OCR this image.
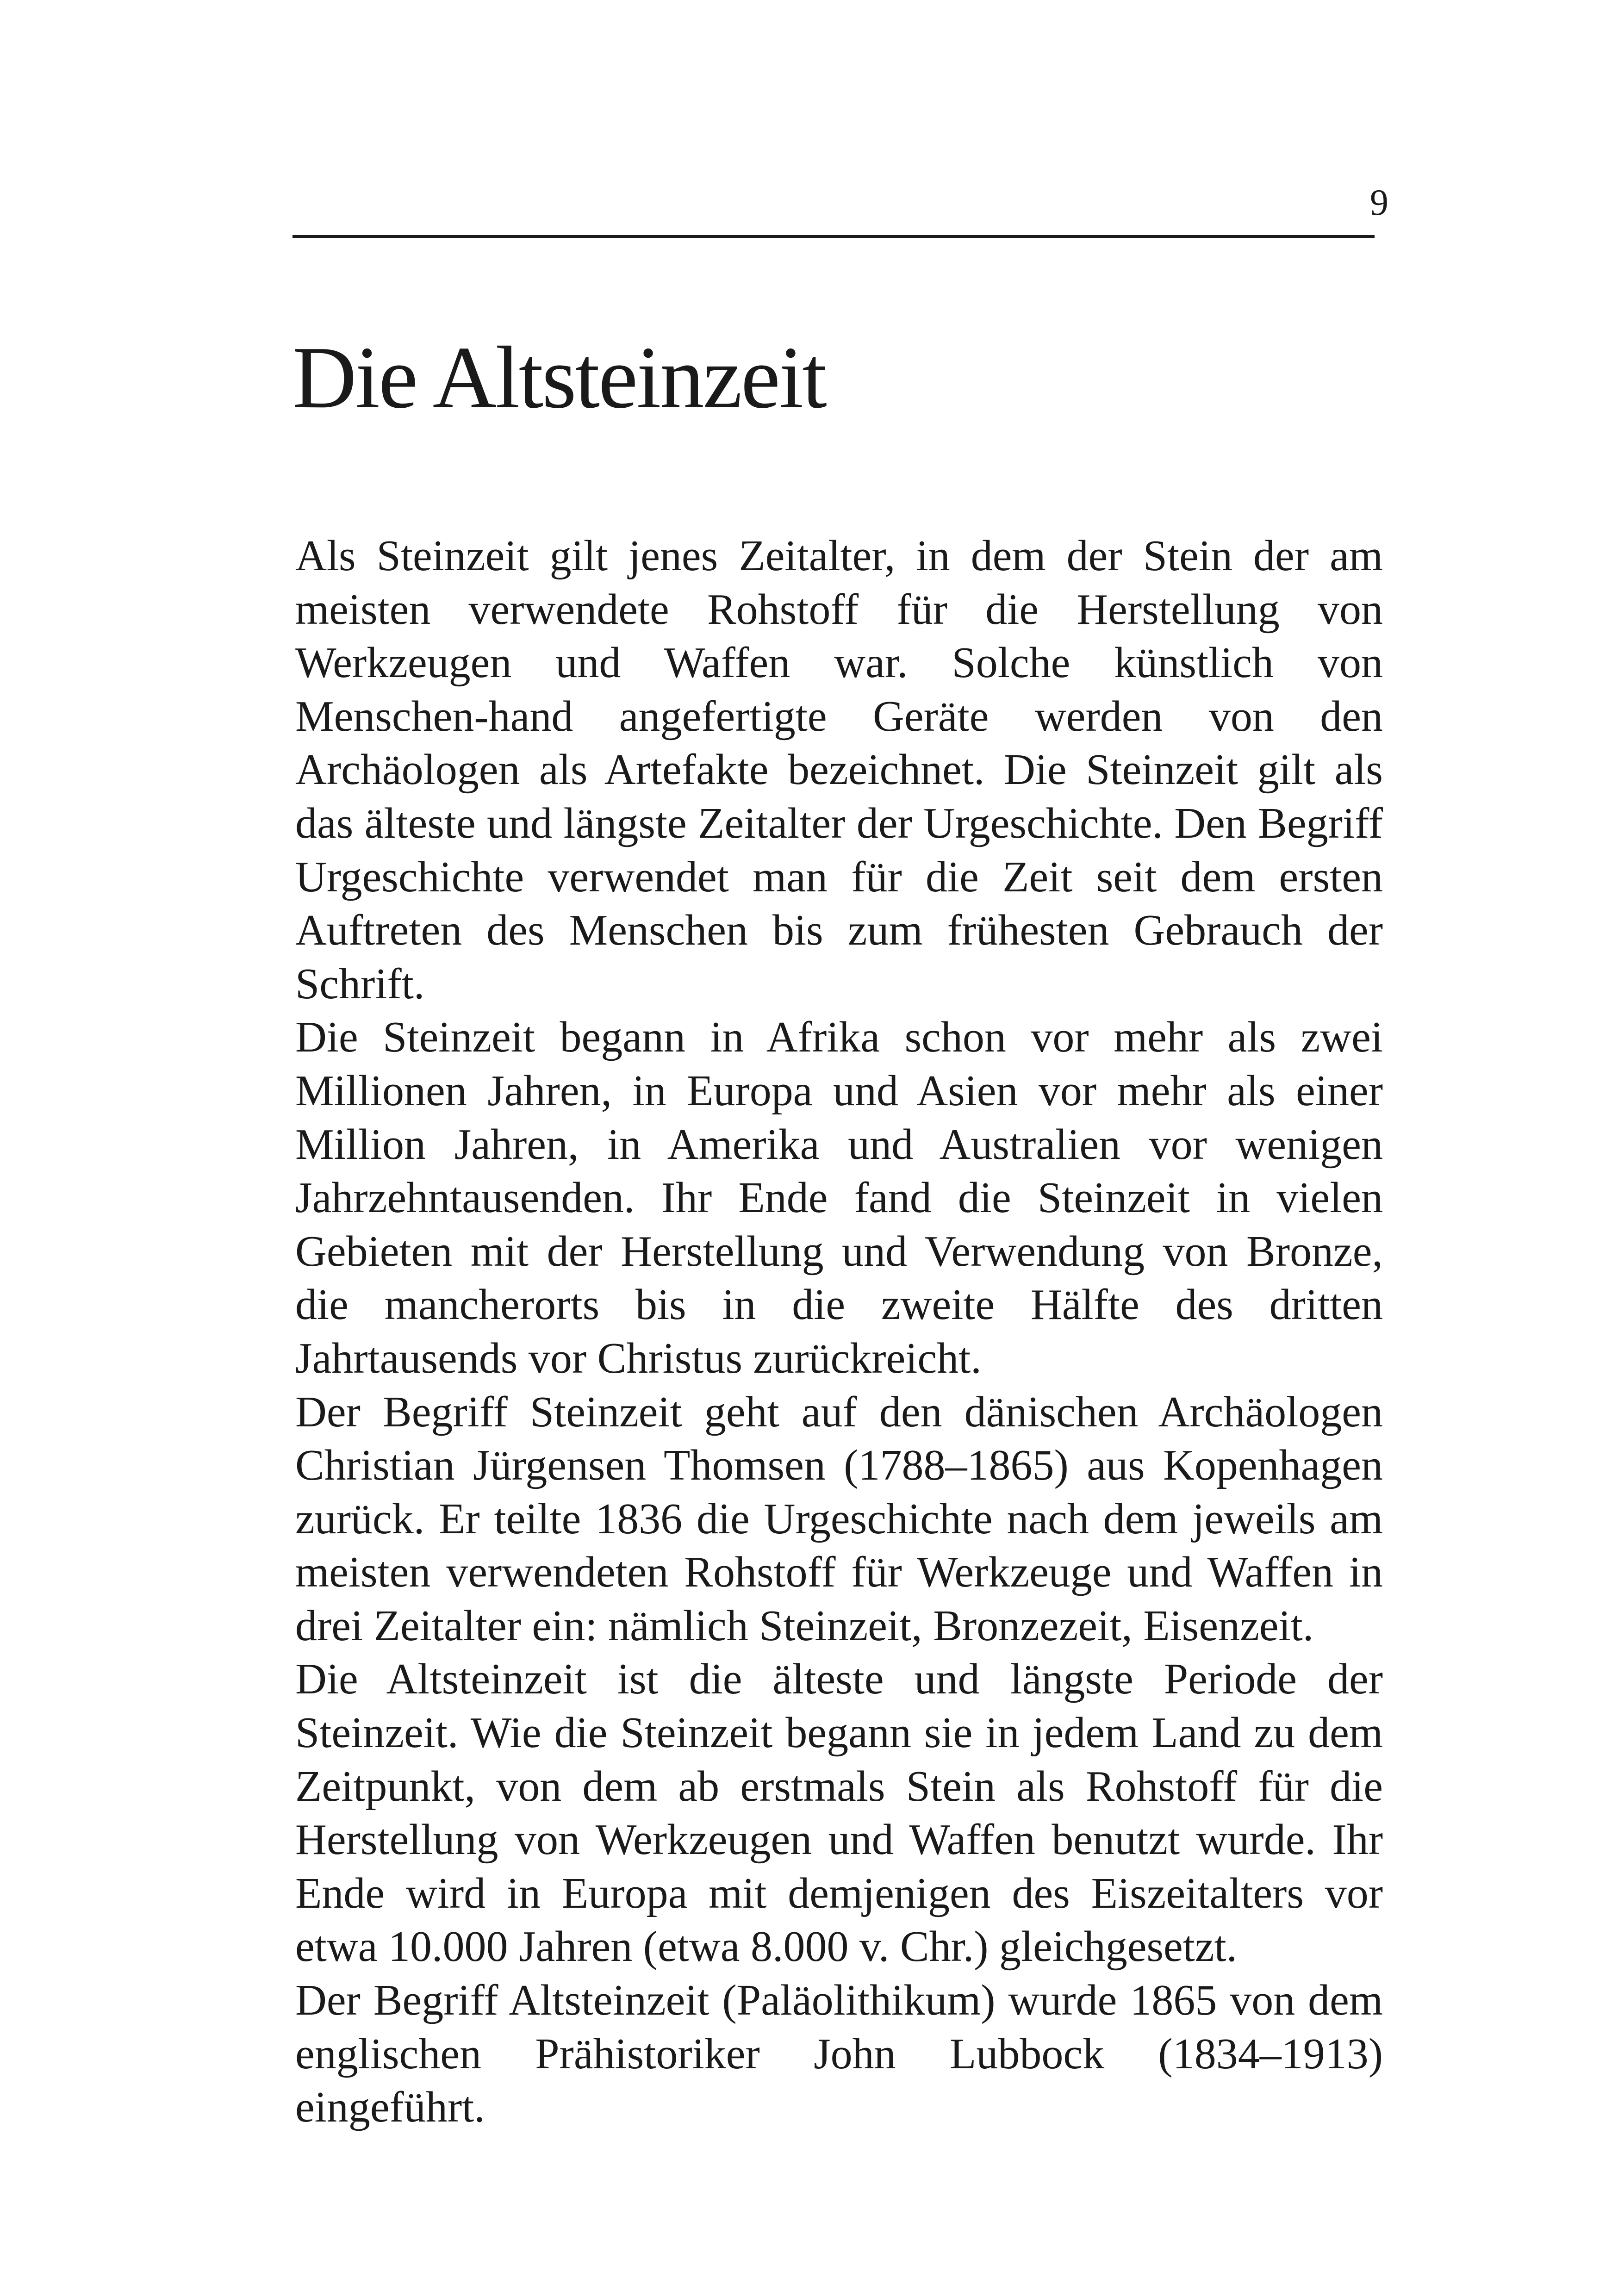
9
Die Altsteinzeit

Als Steinzeit gilt jenes Zeitalter, in dem der Stein der am meisten verwendete Rohstoff für die Herstellung von Werkzeugen und Waffen war. Solche künstlich von Menschen-hand angefertigte Geräte werden von den Archäologen als Artefakte bezeichnet. Die Steinzeit gilt als das älteste und längste Zeitalter der Urgeschichte. Den Begriff Urgeschichte verwendet man für die Zeit seit dem ersten Auftreten des Menschen bis zum frühesten Gebrauch der Schrift.

Die Steinzeit begann in Afrika schon vor mehr als zwei Millionen Jahren, in Europa und Asien vor mehr als einer Million Jahren, in Amerika und Australien vor wenigen Jahrzehntausenden. Ihr Ende fand die Steinzeit in vielen Gebieten mit der Herstellung und Verwendung von Bronze, die mancherorts bis in die zweite Hälfte des dritten Jahrtausends vor Christus zurückreicht.

Der Begriff Steinzeit geht auf den dänischen Archäologen Christian Jürgensen Thomsen (1788–1865) aus Kopenhagen zurück. Er teilte 1836 die Urgeschichte nach dem jeweils am meisten verwendeten Rohstoff für Werkzeuge und Waffen in drei Zeitalter ein: nämlich Steinzeit, Bronzezeit, Eisenzeit.

Die Altsteinzeit ist die älteste und längste Periode der Steinzeit. Wie die Steinzeit begann sie in jedem Land zu dem Zeitpunkt, von dem ab erstmals Stein als Rohstoff für die Herstellung von Werkzeugen und Waffen benutzt wurde. Ihr Ende wird in Europa mit demjenigen des Eiszeitalters vor etwa 10.000 Jahren (etwa 8.000 v. Chr.) gleichgesetzt.

Der Begriff Altsteinzeit (Paläolithikum) wurde 1865 von dem englischen Prähistoriker John Lubbock (1834–1913) eingeführt.
